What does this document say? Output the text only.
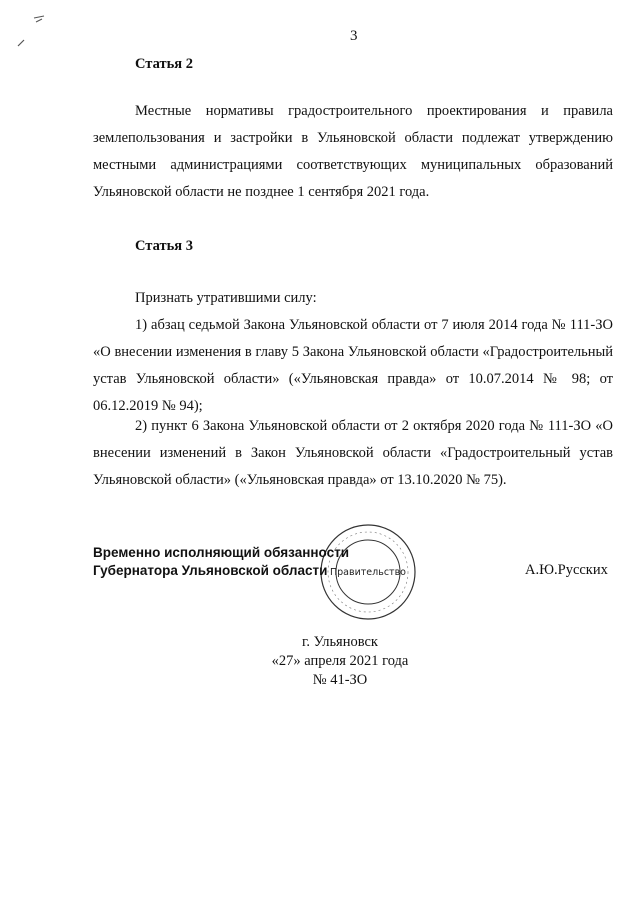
3
Статья 2

Местные нормативы градостроительного проектирования и правила землепользования и застройки в Ульяновской области подлежат утверждению местными администрациями соответствующих муниципальных образований Ульяновской области не позднее 1 сентября 2021 года.

Статья 3

Признать утратившими силу:

1) абзац седьмой Закона Ульяновской области от 7 июля 2014 года № 111-ЗО «О внесении изменения в главу 5 Закона Ульяновской области «Градостроительный устав Ульяновской области» («Ульяновская правда» от 10.07.2014 № 98; от 06.12.2019 № 94);

2) пункт 6 Закона Ульяновской области от 2 октября 2020 года № 111-ЗО «О внесении изменений в Закон Ульяновской области «Градостроительный устав Ульяновской области» («Ульяновская правда» от 13.10.2020 № 75).

Правительство
Временно исполняющий обязанности
Губернатора Ульяновской области	А.Ю.Русских
г. Ульяновск
«27» апреля 2021 года
№ 41-ЗО
